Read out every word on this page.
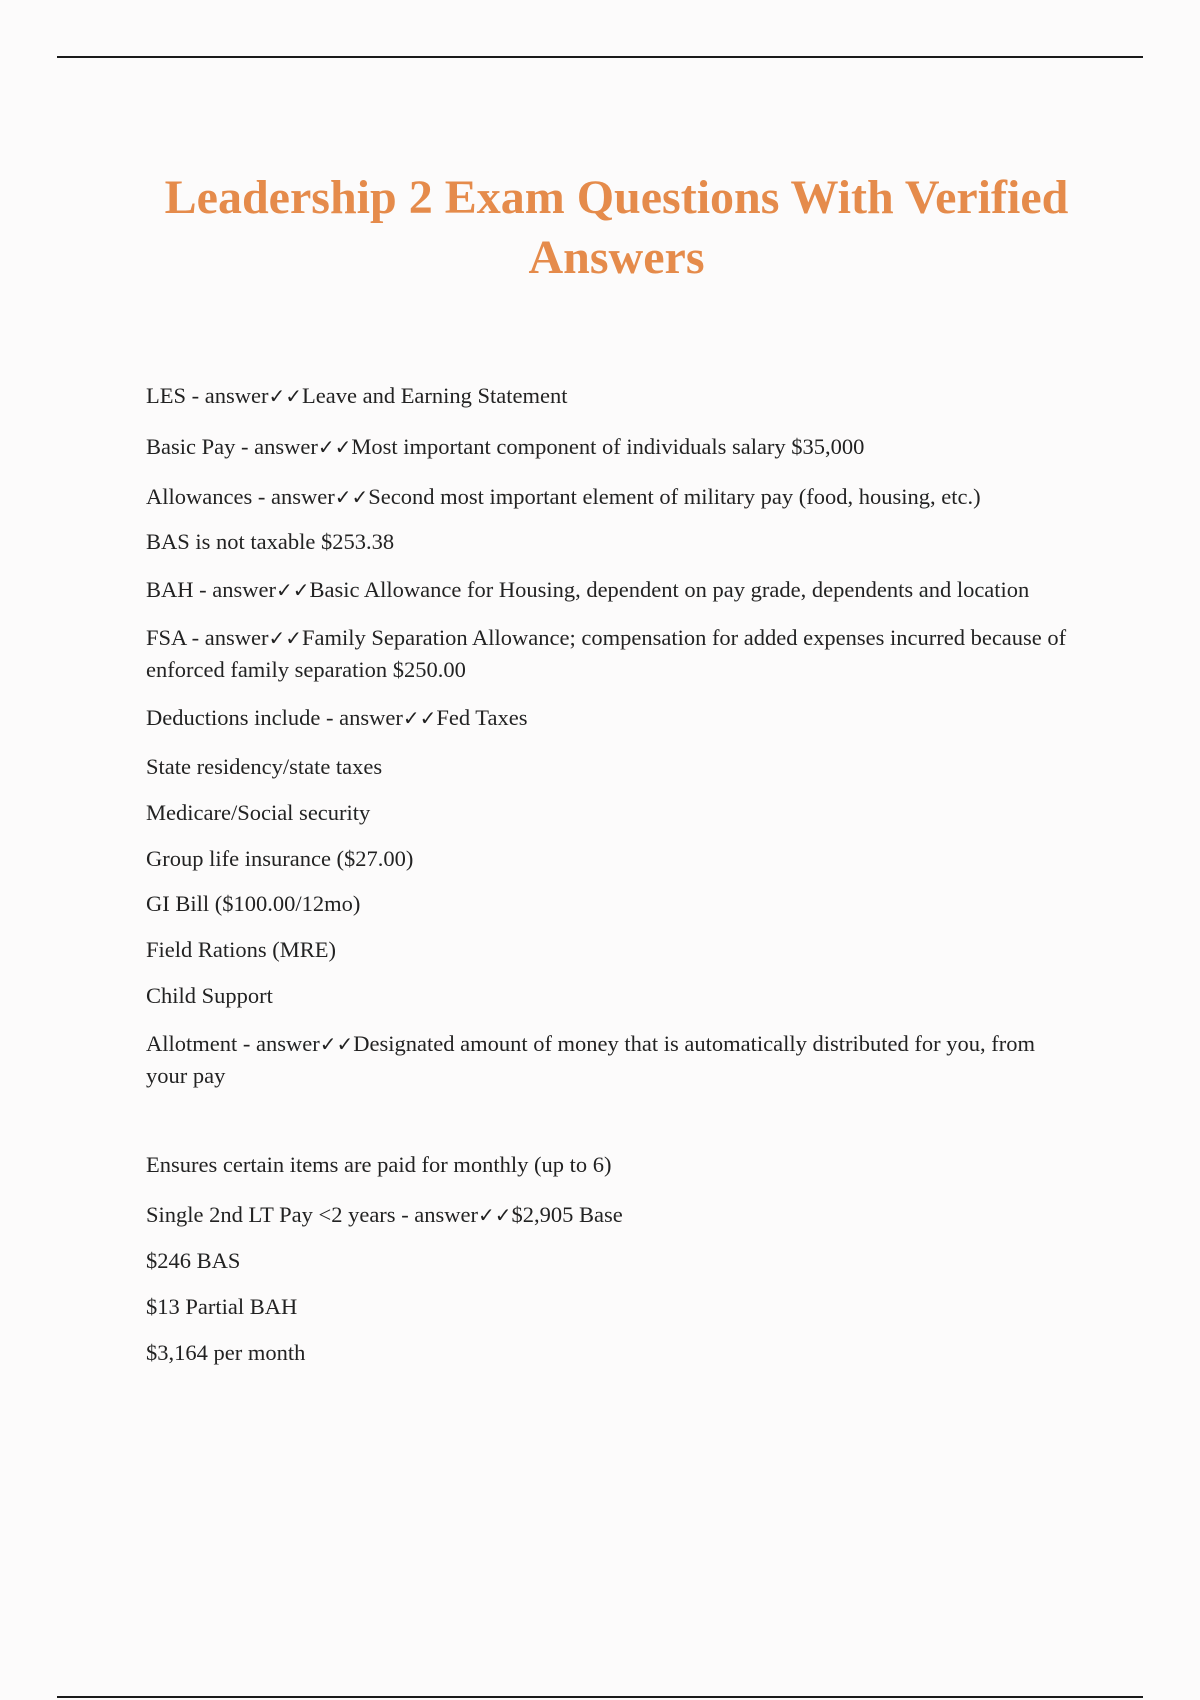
Leadership 2 Exam Questions With Verified Answers

LES - answer✓✓Leave and Earning Statement

Basic Pay - answer✓✓Most important component of individuals salary $35,000

Allowances - answer✓✓Second most important element of military pay (food, housing, etc.)

BAS is not taxable $253.38

BAH - answer✓✓Basic Allowance for Housing, dependent on pay grade, dependents and location

FSA - answer✓✓Family Separation Allowance; compensation for added expenses incurred because of enforced family separation $250.00

Deductions include - answer✓✓Fed Taxes

State residency/state taxes

Medicare/Social security

Group life insurance ($27.00)

GI Bill ($100.00/12mo)

Field Rations (MRE)

Child Support

Allotment - answer✓✓Designated amount of money that is automatically distributed for you, from your pay

Ensures certain items are paid for monthly (up to 6)

Single 2nd LT Pay <2 years - answer✓✓$2,905 Base

$246 BAS

$13 Partial BAH

$3,164 per month
